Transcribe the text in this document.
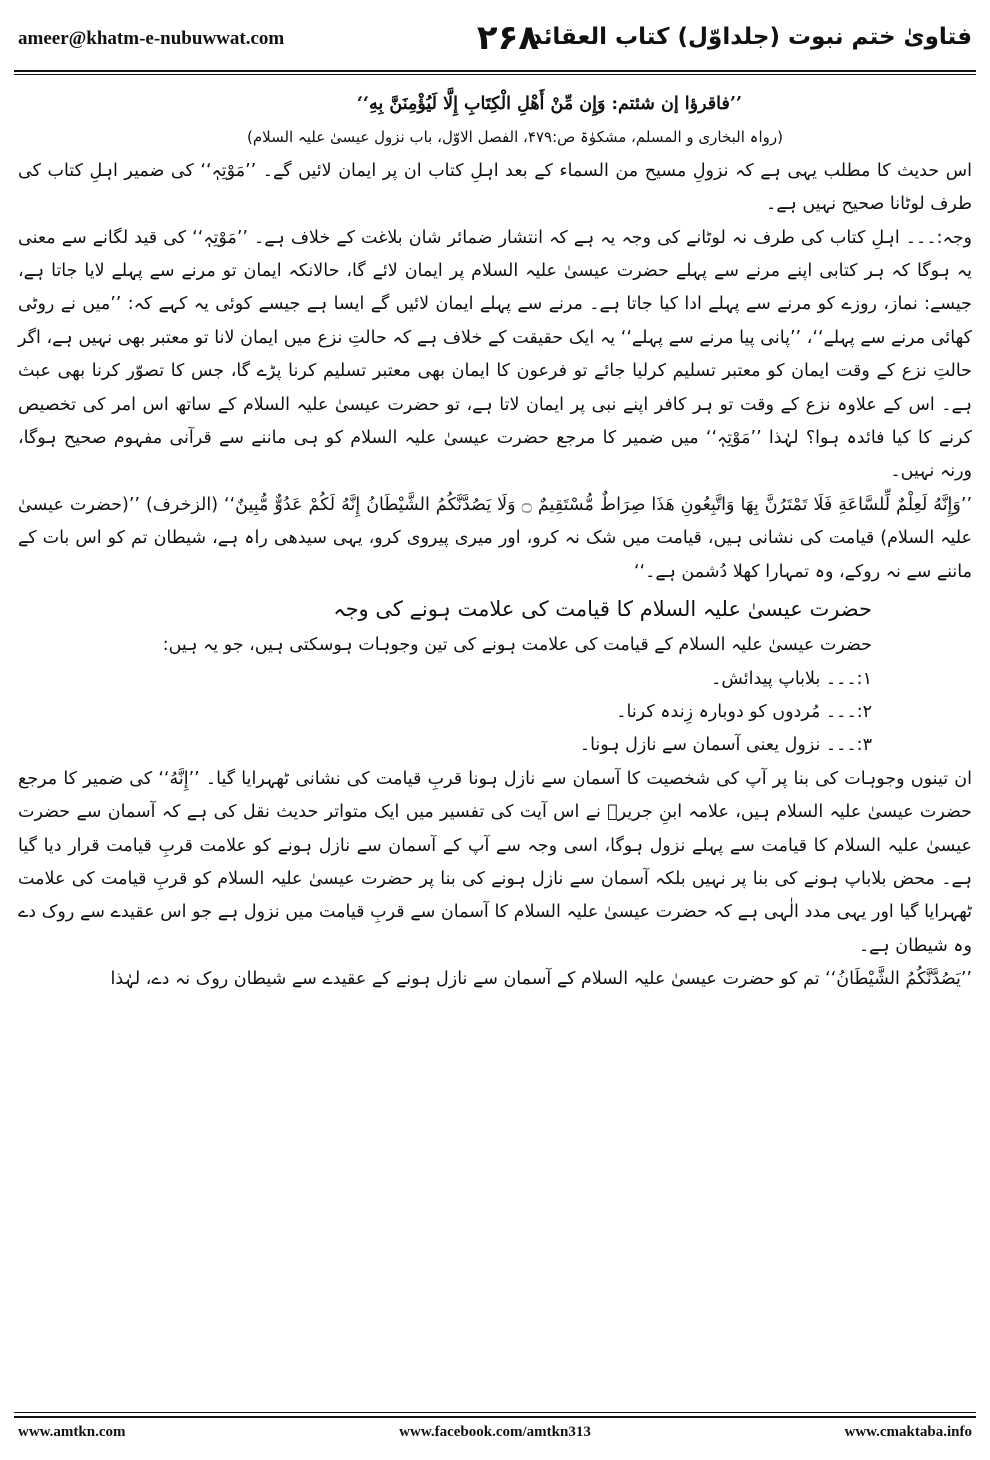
ameer@khatm-e-nubuwwat.com	۲۶۸
فتاویٰ ختم نبوت (جلداوّل) کتاب العقائد

’’فاقرؤا إن شئتم: وَإِن مِّنْ أَهْلِ الْكِتَابِ إِلَّا لَيُؤْمِنَنَّ بِهِ‘‘

(رواہ البخاری و المسلم، مشکوٰۃ ص:۴۷۹، الفصل الاوّل، باب نزول عیسیٰ علیہ السلام)

اس حدیث کا مطلب یہی ہے کہ نزولِ مسیح من السماء کے بعد اہلِ کتاب ان پر ایمان لائیں گے۔ ’’مَوْتِہٖ‘‘ کی ضمیر اہلِ کتاب کی طرف لوٹانا صحیح نہیں ہے۔

وجہ:۔۔۔ اہلِ کتاب کی طرف نہ لوٹانے کی وجہ یہ ہے کہ انتشار ضمائر شان بلاغت کے خلاف ہے۔ ’’مَوْتِہٖ‘‘ کی قید لگانے سے معنی یہ ہوگا کہ ہر کتابی اپنے مرنے سے پہلے حضرت عیسیٰ علیہ السلام پر ایمان لائے گا، حالانکہ ایمان تو مرنے سے پہلے لایا جاتا ہے، جیسے: نماز، روزے کو مرنے سے پہلے ادا کیا جاتا ہے۔ مرنے سے پہلے ایمان لائیں گے ایسا ہے جیسے کوئی یہ کہے کہ: ’’میں نے روٹی کھائی مرنے سے پہلے‘‘، ’’پانی پیا مرنے سے پہلے‘‘ یہ ایک حقیقت کے خلاف ہے کہ حالتِ نزع میں ایمان لانا تو معتبر بھی نہیں ہے، اگر حالتِ نزع کے وقت ایمان کو معتبر تسلیم کرلیا جائے تو فرعون کا ایمان بھی معتبر تسلیم کرنا پڑے گا، جس کا تصوّر کرنا بھی عبث ہے۔ اس کے علاوہ نزع کے وقت تو ہر کافر اپنے نبی پر ایمان لاتا ہے، تو حضرت عیسیٰ علیہ السلام کے ساتھ اس امر کی تخصیص کرنے کا کیا فائدہ ہوا؟ لہٰذا ’’مَوْتِہٖ‘‘ میں ضمیر کا مرجع حضرت عیسیٰ علیہ السلام کو ہی ماننے سے قرآنی مفہوم صحیح ہوگا، ورنہ نہیں۔

’’وَإِنَّهُ لَعِلْمٌ لِّلسَّاعَةِ فَلَا تَمْتَرُنَّ بِهَا وَاتَّبِعُونِ هَذَا صِرَاطٌ مُّسْتَقِيمٌ ۝ وَلَا يَصُدَّنَّكُمُ الشَّيْطَانُ إِنَّهُ لَكُمْ عَدُوٌّ مُّبِينٌ‘‘ (الزخرف) ’’(حضرت عیسیٰ علیہ السلام) قیامت کی نشانی ہیں، قیامت میں شک نہ کرو، اور میری پیروی کرو، یہی سیدھی راہ ہے، شیطان تم کو اس بات کے ماننے سے نہ روکے، وہ تمہارا کھلا دُشمن ہے۔‘‘

حضرت عیسیٰ علیہ السلام کا قیامت کی علامت ہونے کی وجہ

حضرت عیسیٰ علیہ السلام کے قیامت کی علامت ہونے کی تین وجوہات ہوسکتی ہیں، جو یہ ہیں:

۱:۔۔۔ بلاباپ پیدائش۔

۲:۔۔۔ مُردوں کو دوبارہ زِندہ کرنا۔

۳:۔۔۔ نزول یعنی آسمان سے نازل ہونا۔

ان تینوں وجوہات کی بنا پر آپ کی شخصیت کا آسمان سے نازل ہونا قربِ قیامت کی نشانی ٹھہرایا گیا۔ ’’إِنَّهُ‘‘ کی ضمیر کا مرجع حضرت عیسیٰ علیہ السلام ہیں، علامہ ابنِ جریرؒ نے اس آیت کی تفسیر میں ایک متواتر حدیث نقل کی ہے کہ آسمان سے حضرت عیسیٰ علیہ السلام کا قیامت سے پہلے نزول ہوگا، اسی وجہ سے آپ کے آسمان سے نازل ہونے کو علامت قربِ قیامت قرار دیا گیا ہے۔ محض بلاباپ ہونے کی بنا پر نہیں بلکہ آسمان سے نازل ہونے کی بنا پر حضرت عیسیٰ علیہ السلام کو قربِ قیامت کی علامت ٹھہرایا گیا اور یہی مدد الٰہی ہے کہ حضرت عیسیٰ علیہ السلام کا آسمان سے قربِ قیامت میں نزول ہے جو اس عقیدے سے روک دے وہ شیطان ہے۔

’’يَصُدَّنَّكُمُ الشَّيْطَانُ‘‘ تم کو حضرت عیسیٰ علیہ السلام کے آسمان سے نازل ہونے کے عقیدے سے شیطان روک نہ دے، لہٰذا

www.amtkn.com	www.facebook.com/amtkn313	www.cmaktaba.info
